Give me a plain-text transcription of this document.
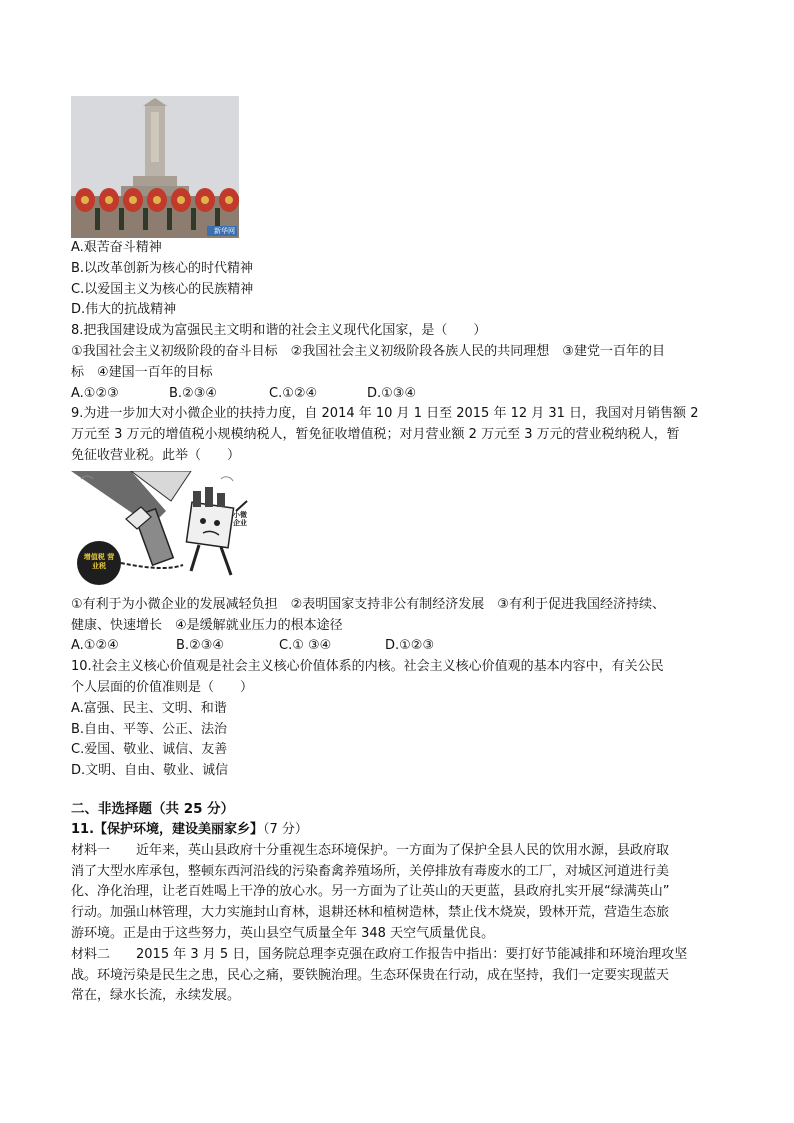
新华网
A.艰苦奋斗精神
B.以改革创新为核心的时代精神
C.以爱国主义为核心的民族精神
D.伟大的抗战精神
8.把我国建设成为富强民主文明和谐的社会主义现代化国家，是（　　）
①我国社会主义初级阶段的奋斗目标　②我国社会主义初级阶段各族人民的共同理想　③建党一百年的目
标　④建国一百年的目标
A.①②③	B.②③④	C.①②④	D.①③④
9.为进一步加大对小微企业的扶持力度，自 2014 年 10 月 1 日至 2015 年 12 月 31 日，我国对月销售额 2
万元至 3 万元的增值税小规模纳税人，暂免征收增值税；对月营业额 2 万元至 3 万元的营业税纳税人，暂
免征收营业税。此举（　　）
增值税 营业税
小微企业
①有利于为小微企业的发展减轻负担　②表明国家支持非公有制经济发展　③有利于促进我国经济持续、
健康、快速增长　④是缓解就业压力的根本途径
A.①②④	B.②③④	C.① ③④	D.①②③
10.社会主义核心价值观是社会主义核心价值体系的内核。社会主义核心价值观的基本内容中，有关公民
个人层面的价值准则是（　　）
A.富强、民主、文明、和谐
B.自由、平等、公正、法治
C.爱国、敬业、诚信、友善
D.文明、自由、敬业、诚信
二、非选择题（共 25 分）
11.【保护环境，建设美丽家乡】（7 分）
材料一　　近年来，英山县政府十分重视生态环境保护。一方面为了保护全县人民的饮用水源，县政府取
消了大型水库承包，整顿东西河沿线的污染畜禽养殖场所，关停排放有毒废水的工厂，对城区河道进行美
化、净化治理，让老百姓喝上干净的放心水。另一方面为了让英山的天更蓝，县政府扎实开展“绿满英山”
行动。加强山林管理，大力实施封山育林，退耕还林和植树造林，禁止伐木烧炭，毁林开荒，营造生态旅
游环境。正是由于这些努力，英山县空气质量全年 348 天空气质量优良。
材料二　　2015 年 3 月 5 日，国务院总理李克强在政府工作报告中指出：要打好节能减排和环境治理攻坚
战。环境污染是民生之患，民心之痛，要铁腕治理。生态环保贵在行动，成在坚持，我们一定要实现蓝天
常在，绿水长流，永续发展。
